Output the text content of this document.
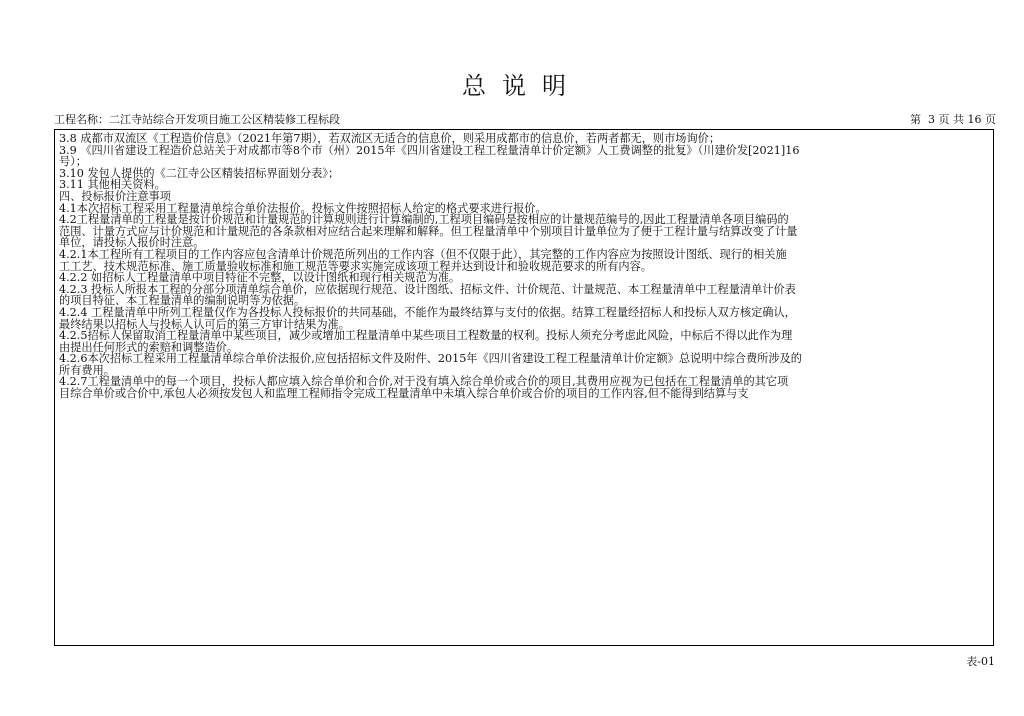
总说明
工程名称：二江寺站综合开发项目施工公区精装修工程标段	第  3 页 共 16 页
3.8 成都市双流区《工程造价信息》（2021年第7期），若双流区无适合的信息价，则采用成都市的信息价，若两者都无，则市场询价；
3.9 《四川省建设工程造价总站关于对成都市等8个市（州）2015年《四川省建设工程工程量清单计价定额》人工费调整的批复》（川建价发[2021]16
号）；
3.10 发包人提供的《二江寺公区精装招标界面划分表》；
3.11 其他相关资料。
四、投标报价注意事项
4.1本次招标工程采用工程量清单综合单价法报价。投标文件按照招标人给定的格式要求进行报价。
4.2工程量清单的工程量是按计价规范和计量规范的计算规则进行计算编制的,工程项目编码是按相应的计量规范编号的,因此工程量清单各项目编码的
范围、计量方式应与计价规范和计量规范的各条款相对应结合起来理解和解释。但工程量清单中个别项目计量单位为了便于工程计量与结算改变了计量
单位，请投标人报价时注意。
4.2.1本工程所有工程项目的工作内容应包含清单计价规范所列出的工作内容（但不仅限于此），其完整的工作内容应为按照设计图纸、现行的相关施
工工艺、技术规范标准、施工质量验收标准和施工规范等要求实施完成该项工程并达到设计和验收规范要求的所有内容。
4.2.2 如招标人工程量清单中项目特征不完整，以设计图纸和现行相关规范为准。
4.2.3 投标人所报本工程的分部分项清单综合单价，应依据现行规范、设计图纸、招标文件、计价规范、计量规范、本工程量清单中工程量清单计价表
的项目特征、本工程量清单的编制说明等为依据。
4.2.4 工程量清单中所列工程量仅作为各投标人投标报价的共同基础，不能作为最终结算与支付的依据。结算工程量经招标人和投标人双方核定确认，
最终结果以招标人与投标人认可后的第三方审计结果为准。
4.2.5招标人保留取消工程量清单中某些项目，减少或增加工程量清单中某些项目工程数量的权利。投标人须充分考虑此风险，中标后不得以此作为理
由提出任何形式的索赔和调整造价。
4.2.6本次招标工程采用工程量清单综合单价法报价,应包括招标文件及附件、2015年《四川省建设工程工程量清单计价定额》总说明中综合费所涉及的
所有费用。
4.2.7工程量清单中的每一个项目，投标人都应填入综合单价和合价,对于没有填入综合单价或合价的项目,其费用应视为已包括在工程量清单的其它项
目综合单价或合价中,承包人必须按发包人和监理工程师指令完成工程量清单中未填入综合单价或合价的项目的工作内容,但不能得到结算与支
表-01
